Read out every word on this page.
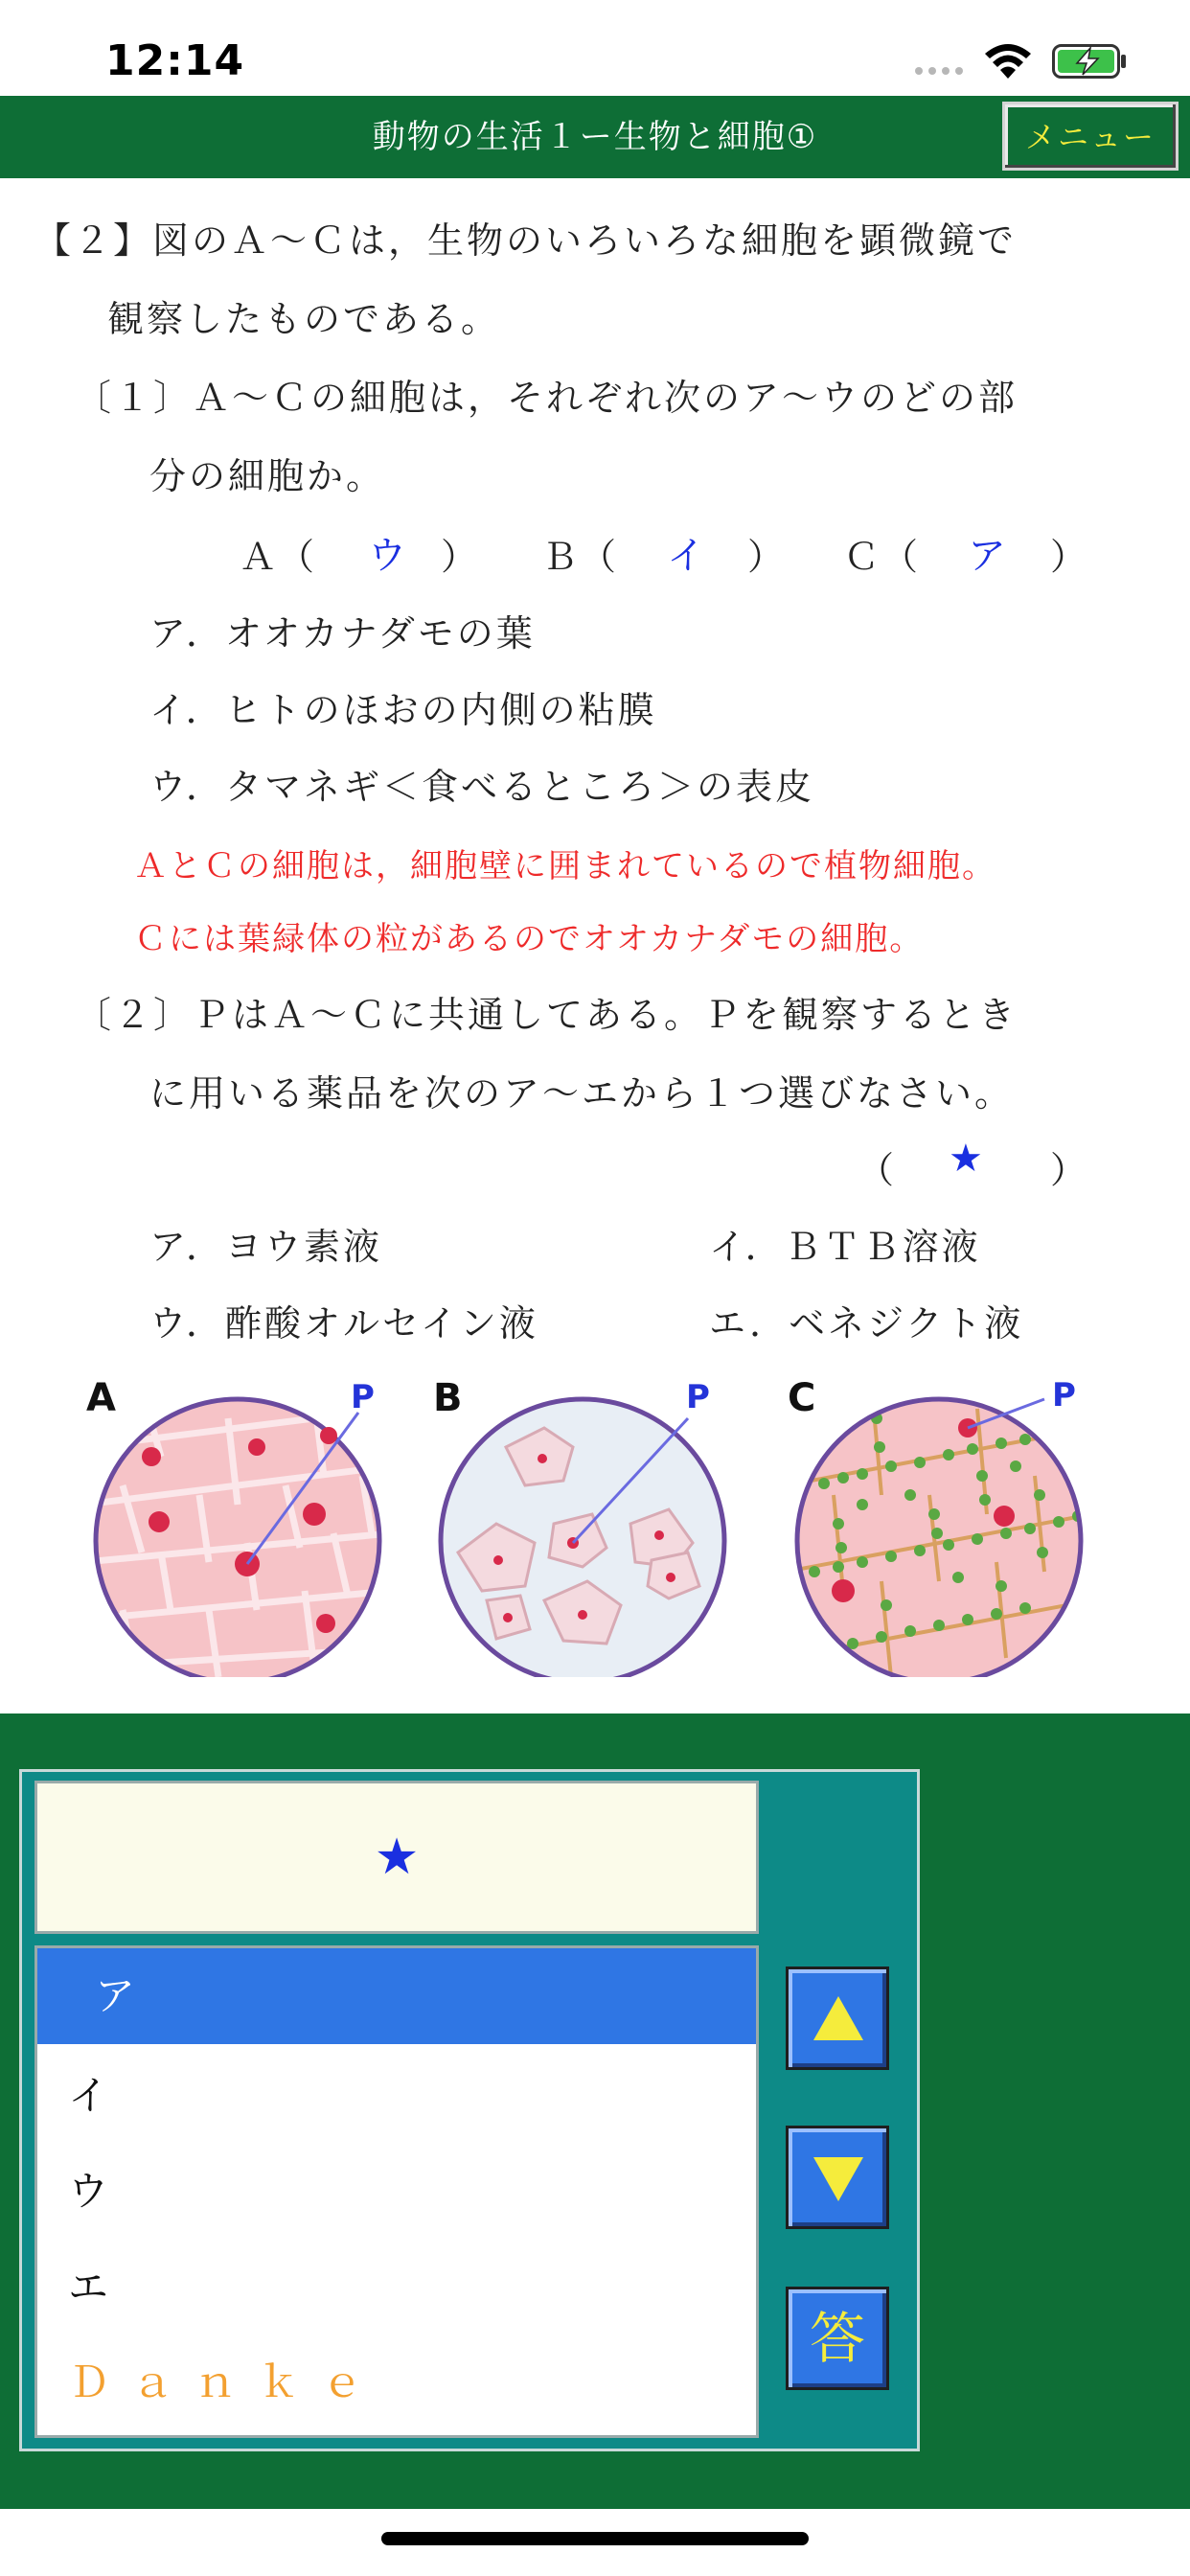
12:14
動物の生活１ー生物と細胞①	メニュー
【２】図のＡ～Ｃは，生物のいろいろな細胞を顕微鏡で
観察したものである。
〔１〕Ａ～Ｃの細胞は，それぞれ次のア～ウのどの部
分の細胞か。
Ａ（ ウ ） Ｂ（ イ ） Ｃ（ ア ）
ア．オオカナダモの葉
イ．ヒトのほおの内側の粘膜
ウ．タマネギ＜食べるところ＞の表皮
ＡとＣの細胞は，細胞壁に囲まれているので植物細胞。
Ｃには葉緑体の粒があるのでオオカナダモの細胞。
〔２〕ＰはＡ～Ｃに共通してある。Ｐを観察するとき
に用いる薬品を次のア～エから１つ選びなさい。
（ ★ ）
ア．ヨウ素液	イ．ＢＴＢ溶液
ウ．酢酸オルセイン液	エ．ベネジクト液
A	P B	P C	P
★
ア
イ
ウ
エ
Ｄａｎｋｅ
答
